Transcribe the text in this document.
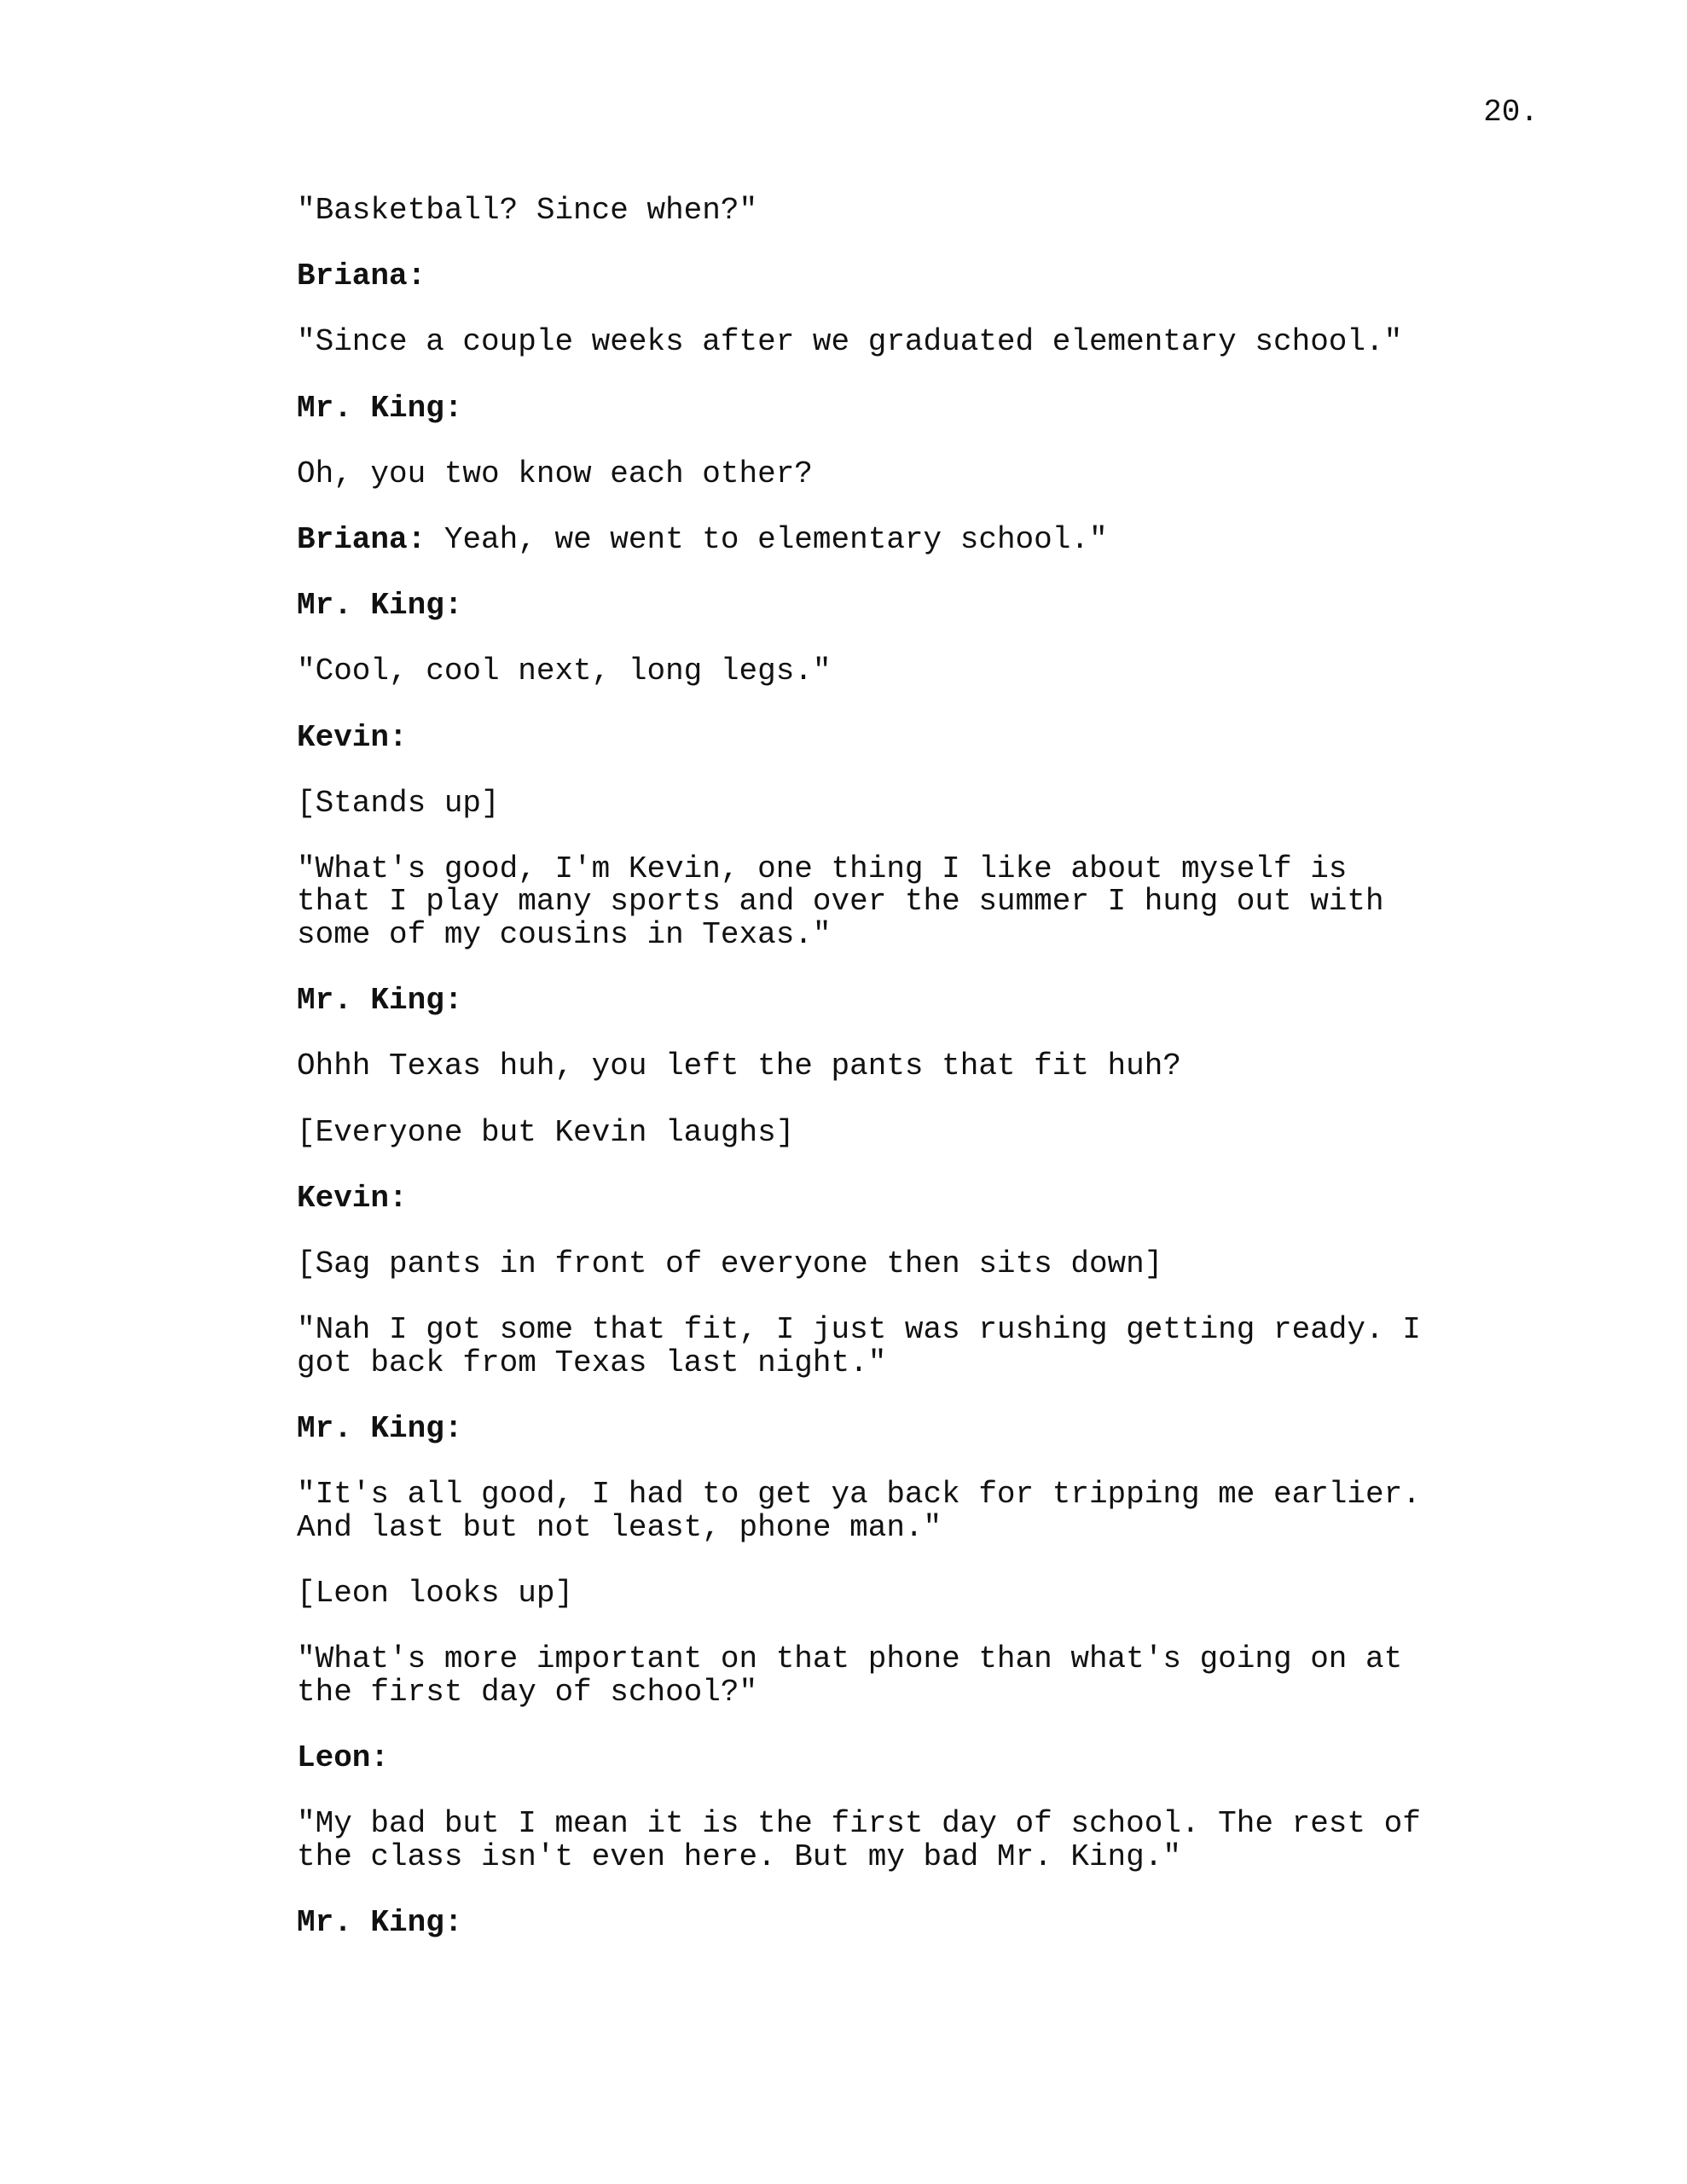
20.
"Basketball? Since when?"
Briana:
"Since a couple weeks after we graduated elementary school."
Mr. King:
Oh, you two know each other?
Briana: Yeah, we went to elementary school."
Mr. King:
"Cool, cool next, long legs."
Kevin:
[Stands up]
"What's good, I'm Kevin, one thing I like about myself is
that I play many sports and over the summer I hung out with
some of my cousins in Texas."
Mr. King:
Ohhh Texas huh, you left the pants that fit huh?
[Everyone but Kevin laughs]
Kevin:
[Sag pants in front of everyone then sits down]
"Nah I got some that fit, I just was rushing getting ready. I
got back from Texas last night."
Mr. King:
"It's all good, I had to get ya back for tripping me earlier.
And last but not least, phone man."
[Leon looks up]
"What's more important on that phone than what's going on at
the first day of school?"
Leon:
"My bad but I mean it is the first day of school. The rest of
the class isn't even here. But my bad Mr. King."
Mr. King:
